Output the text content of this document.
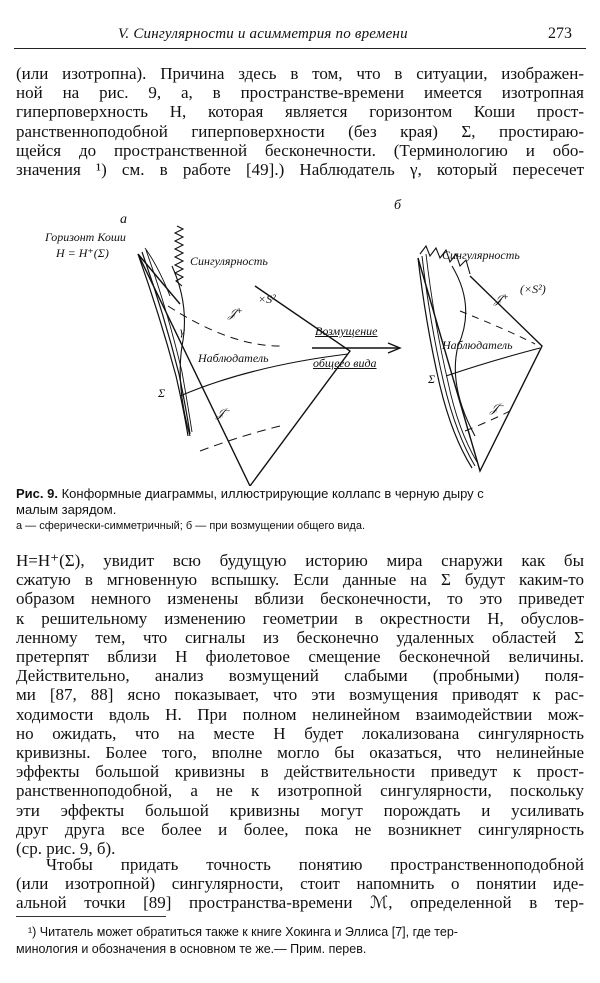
V. Сингулярности и асимметрия по времени	273
(или изотропна). Причина здесь в том, что в ситуации, изображен-
ной на рис. 9, а, в пространстве-времени имеется изотропная
гиперповерхность H, которая является горизонтом Коши прост-
ранственноподобной гиперповерхности (без края) Σ, простираю-
щейся до пространственной бесконечности. (Терминологию и обо-
значения ¹) см. в работе [49].) Наблюдатель γ, который пересечет
а
Горизонт Коши
H = H⁺(Σ)
Сингулярность
×S²
𝒥⁺
γ
Наблюдатель
Σ
𝒥⁻
Возмущение
общего вида
б
Сингулярность
(×S²)
𝒥⁺
Наблюдатель
Σ
𝒥⁻
Рис. 9. Конформные диаграммы, иллюстрирующие коллапс в черную дыру с
малым зарядом.
а — сферически-симметричный; б — при возмущении общего вида.
H=H⁺(Σ), увидит всю будущую историю мира снаружи как бы
сжатую в мгновенную вспышку. Если данные на Σ будут каким-то
образом немного изменены вблизи бесконечности, то это приведет
к решительному изменению геометрии в окрестности H, обуслов-
ленному тем, что сигналы из бесконечно удаленных областей Σ
претерпят вблизи H фиолетовое смещение бесконечной величины.
Действительно, анализ возмущений слабыми (пробными) поля-
ми [87, 88] ясно показывает, что эти возмущения приводят к рас-
ходимости вдоль H. При полном нелинейном взаимодействии мож-
но ожидать, что на месте H будет локализована сингулярность
кривизны. Более того, вполне могло бы оказаться, что нелинейные
эффекты большой кривизны в действительности приведут к прост-
ранственноподобной, а не к изотропной сингулярности, поскольку
эти эффекты большой кривизны могут порождать и усиливать
друг друга все более и более, пока не возникнет сингулярность
(ср. рис. 9, б).
Чтобы придать точность понятию пространственноподобной
(или изотропной) сингулярности, стоит напомнить о понятии иде-
альной точки [89] пространства-времени ℳ, определенной в тер-
¹) Читатель может обратиться также к книге Хокинга и Эллиса [7], где тер-
минология и обозначения в основном те же.— Прим. перев.
